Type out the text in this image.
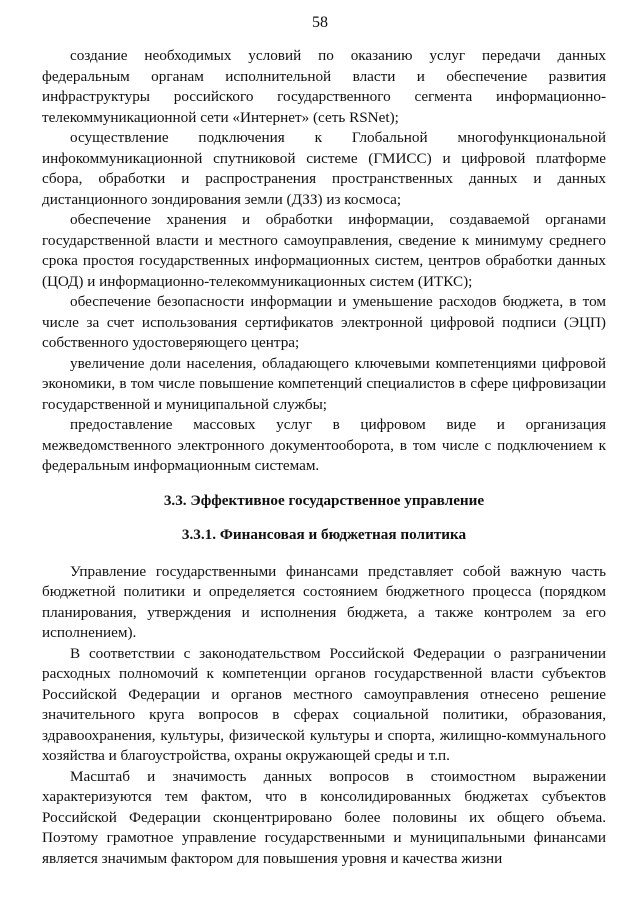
58

создание необходимых условий по оказанию услуг передачи данных федеральным органам исполнительной власти и обеспечение развития инфраструктуры российского государственного сегмента информационно-телекоммуникационной сети «Интернет» (сеть RSNet);

осуществление подключения к Глобальной многофункциональной инфокоммуникационной спутниковой системе (ГМИСС) и цифровой платформе сбора, обработки и распространения пространственных данных и данных дистанционного зондирования земли (ДЗЗ) из космоса;

обеспечение хранения и обработки информации, создаваемой органами государственной власти и местного самоуправления, сведение к минимуму среднего срока простоя государственных информационных систем, центров обработки данных (ЦОД) и информационно-телекоммуникационных систем (ИТКС);

обеспечение безопасности информации и уменьшение расходов бюджета, в том числе за счет использования сертификатов электронной цифровой подписи (ЭЦП) собственного удостоверяющего центра;

увеличение доли населения, обладающего ключевыми компетенциями цифровой экономики, в том числе повышение компетенций специалистов в сфере цифровизации государственной и муниципальной службы;

предоставление массовых услуг в цифровом виде и организация межведомственного электронного документооборота, в том числе с подключением к федеральным информационным системам.

3.3. Эффективное государственное управление

3.3.1. Финансовая и бюджетная политика

Управление государственными финансами представляет собой важную часть бюджетной политики и определяется состоянием бюджетного процесса (порядком планирования, утверждения и исполнения бюджета, а также контролем за его исполнением).

В соответствии с законодательством Российской Федерации о разграничении расходных полномочий к компетенции органов государственной власти субъектов Российской Федерации и органов местного самоуправления отнесено решение значительного круга вопросов в сферах социальной политики, образования, здравоохранения, культуры, физической культуры и спорта, жилищно-коммунального хозяйства и благоустройства, охраны окружающей среды и т.п.

Масштаб и значимость данных вопросов в стоимостном выражении характеризуются тем фактом, что в консолидированных бюджетах субъектов Российской Федерации сконцентрировано более половины их общего объема. Поэтому грамотное управление государственными и муниципальными финансами является значимым фактором для повышения уровня и качества жизни
